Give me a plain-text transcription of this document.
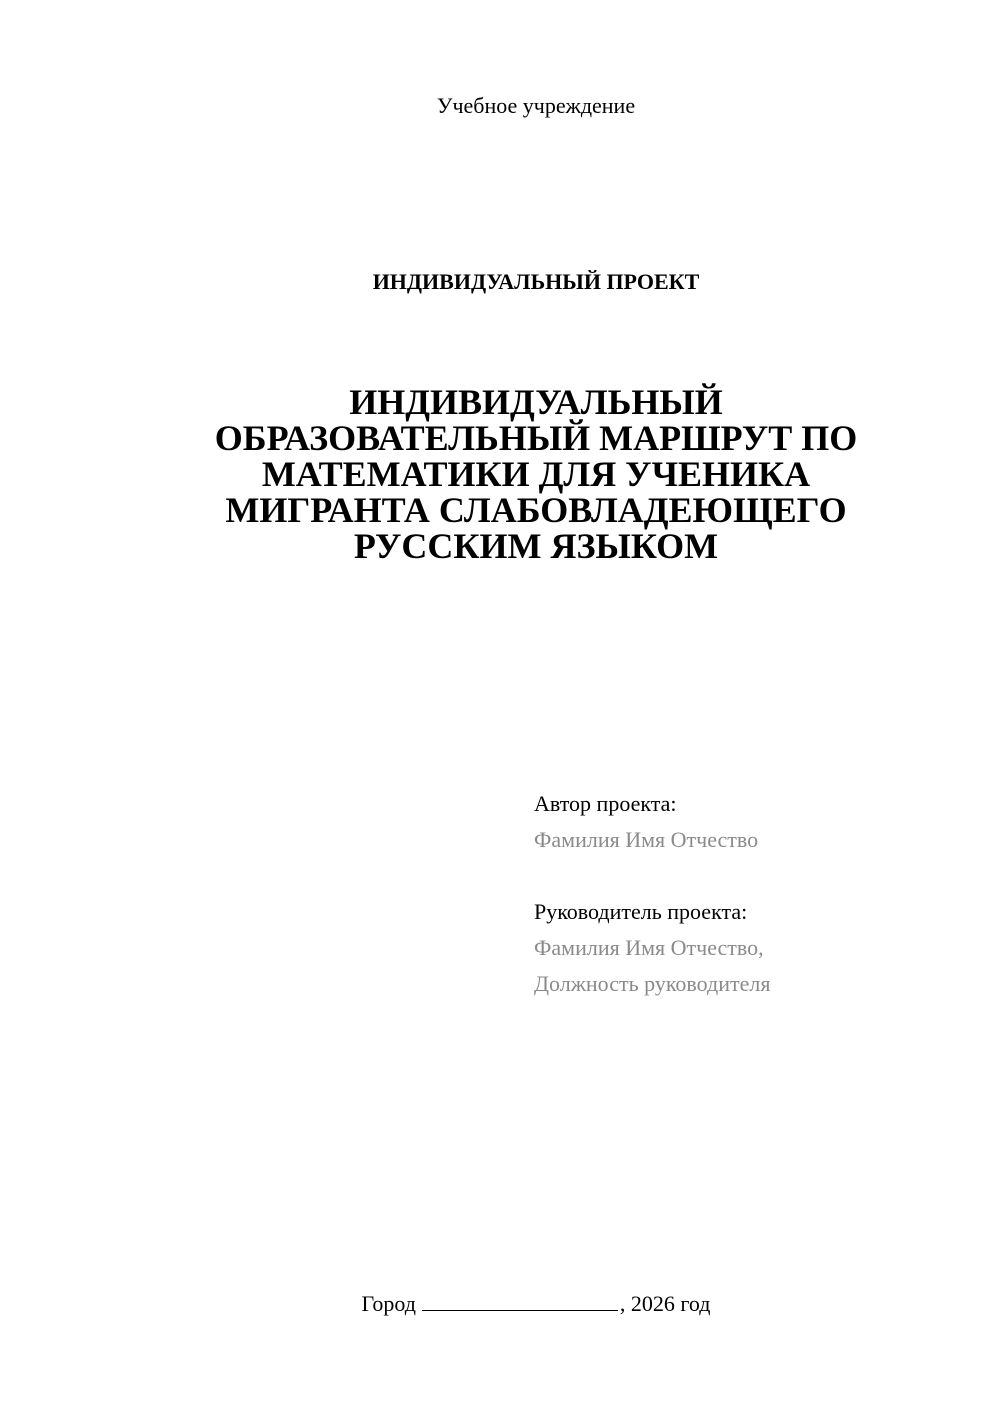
Учебное учреждение
ИНДИВИДУАЛЬНЫЙ ПРОЕКТ
ИНДИВИДУАЛЬНЫЙ
ОБРАЗОВАТЕЛЬНЫЙ МАРШРУТ ПО
МАТЕМАТИКИ ДЛЯ УЧЕНИКА
МИГРАНТА СЛАБОВЛАДЕЮЩЕГО
РУССКИМ ЯЗЫКОМ
Автор проекта:
Фамилия Имя Отчество
Руководитель проекта:
Фамилия Имя Отчество,
Должность руководителя
Город	, 2026 год
